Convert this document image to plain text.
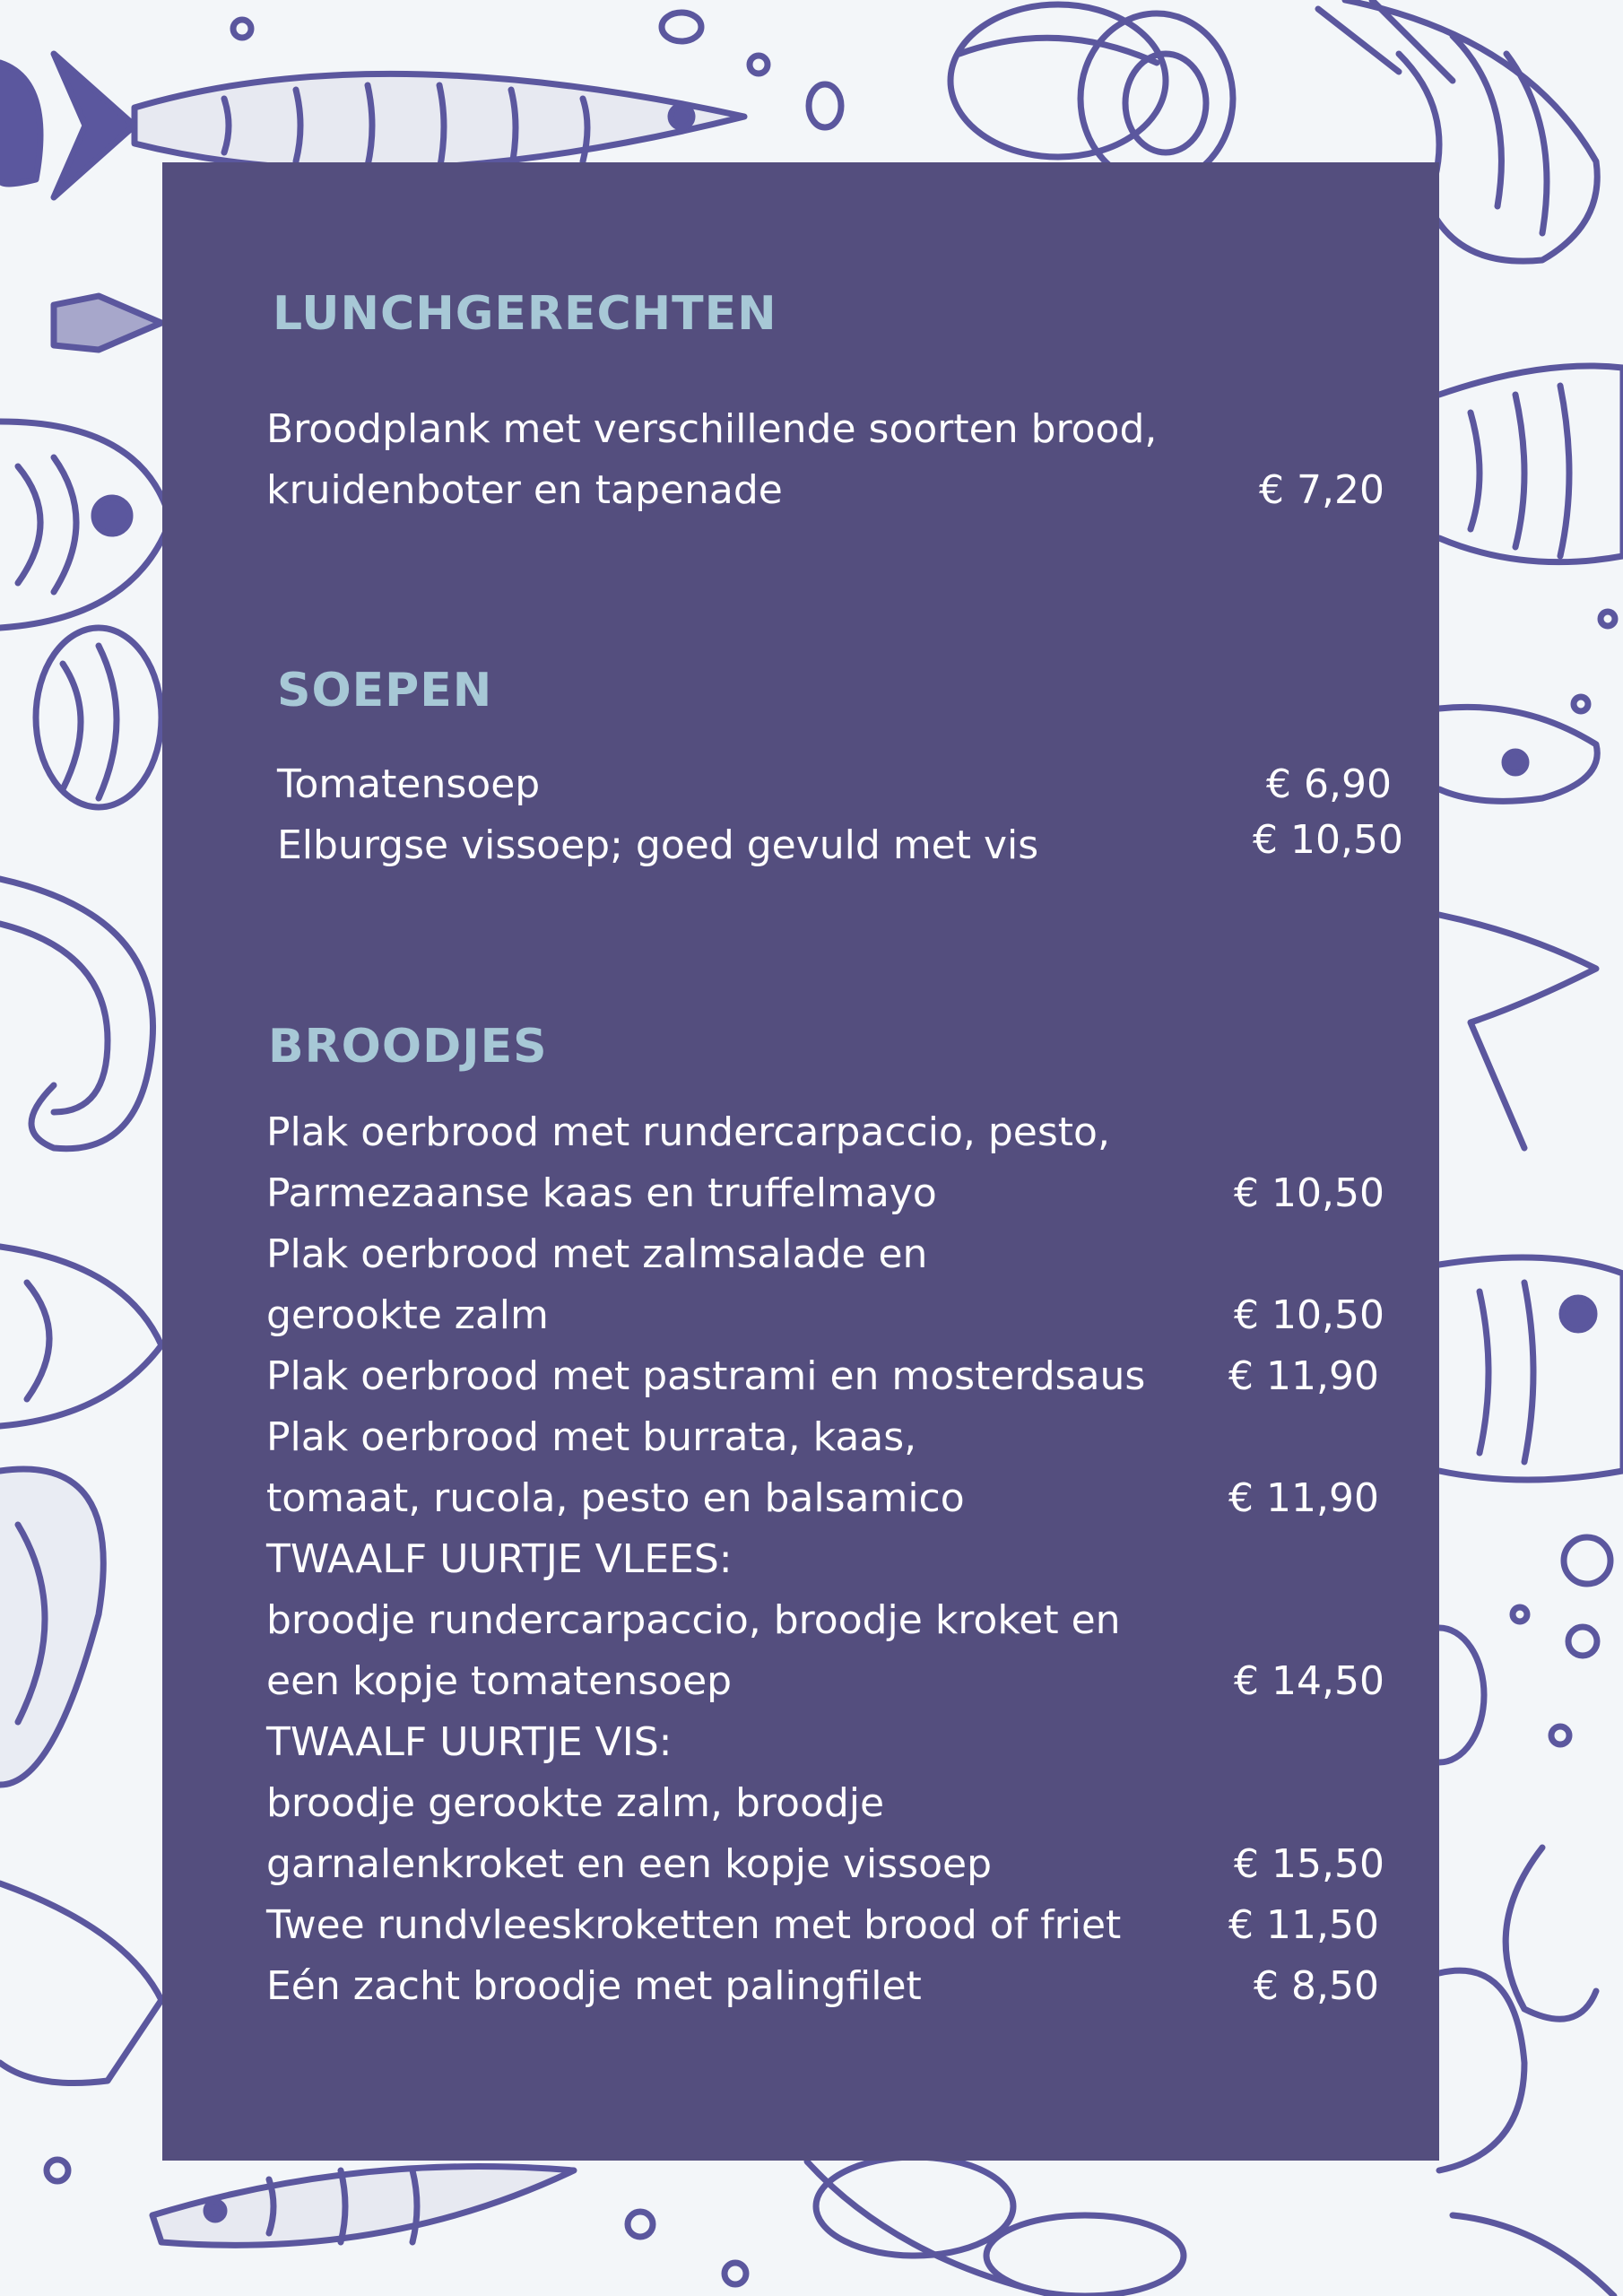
LUNCHGERECHTEN

Broodplank met verschillende soorten brood,

kruidenboter en tapenade	€ 7,20

SOEPEN

Tomatensoep	€ 6,90

Elburgse vissoep; goed gevuld met vis	€ 10,50

BROODJES

Plak oerbrood met rundercarpaccio, pesto,

Parmezaanse kaas en truffelmayo	€ 10,50

Plak oerbrood met zalmsalade en

gerookte zalm	€ 10,50

Plak oerbrood met pastrami en mosterdsaus € 11,90

Plak oerbrood met burrata, kaas,

tomaat, rucola, pesto en balsamico	€ 11,90

TWAALF UURTJE VLEES:

broodje rundercarpaccio, broodje kroket en

een kopje tomatensoep	€ 14,50

TWAALF UURTJE VIS:

broodje gerookte zalm, broodje

garnalenkroket en een kopje vissoep	€ 15,50

Twee rundvleeskroketten met brood of friet	€ 11,50

Eén zacht broodje met palingfilet	€ 8,50
